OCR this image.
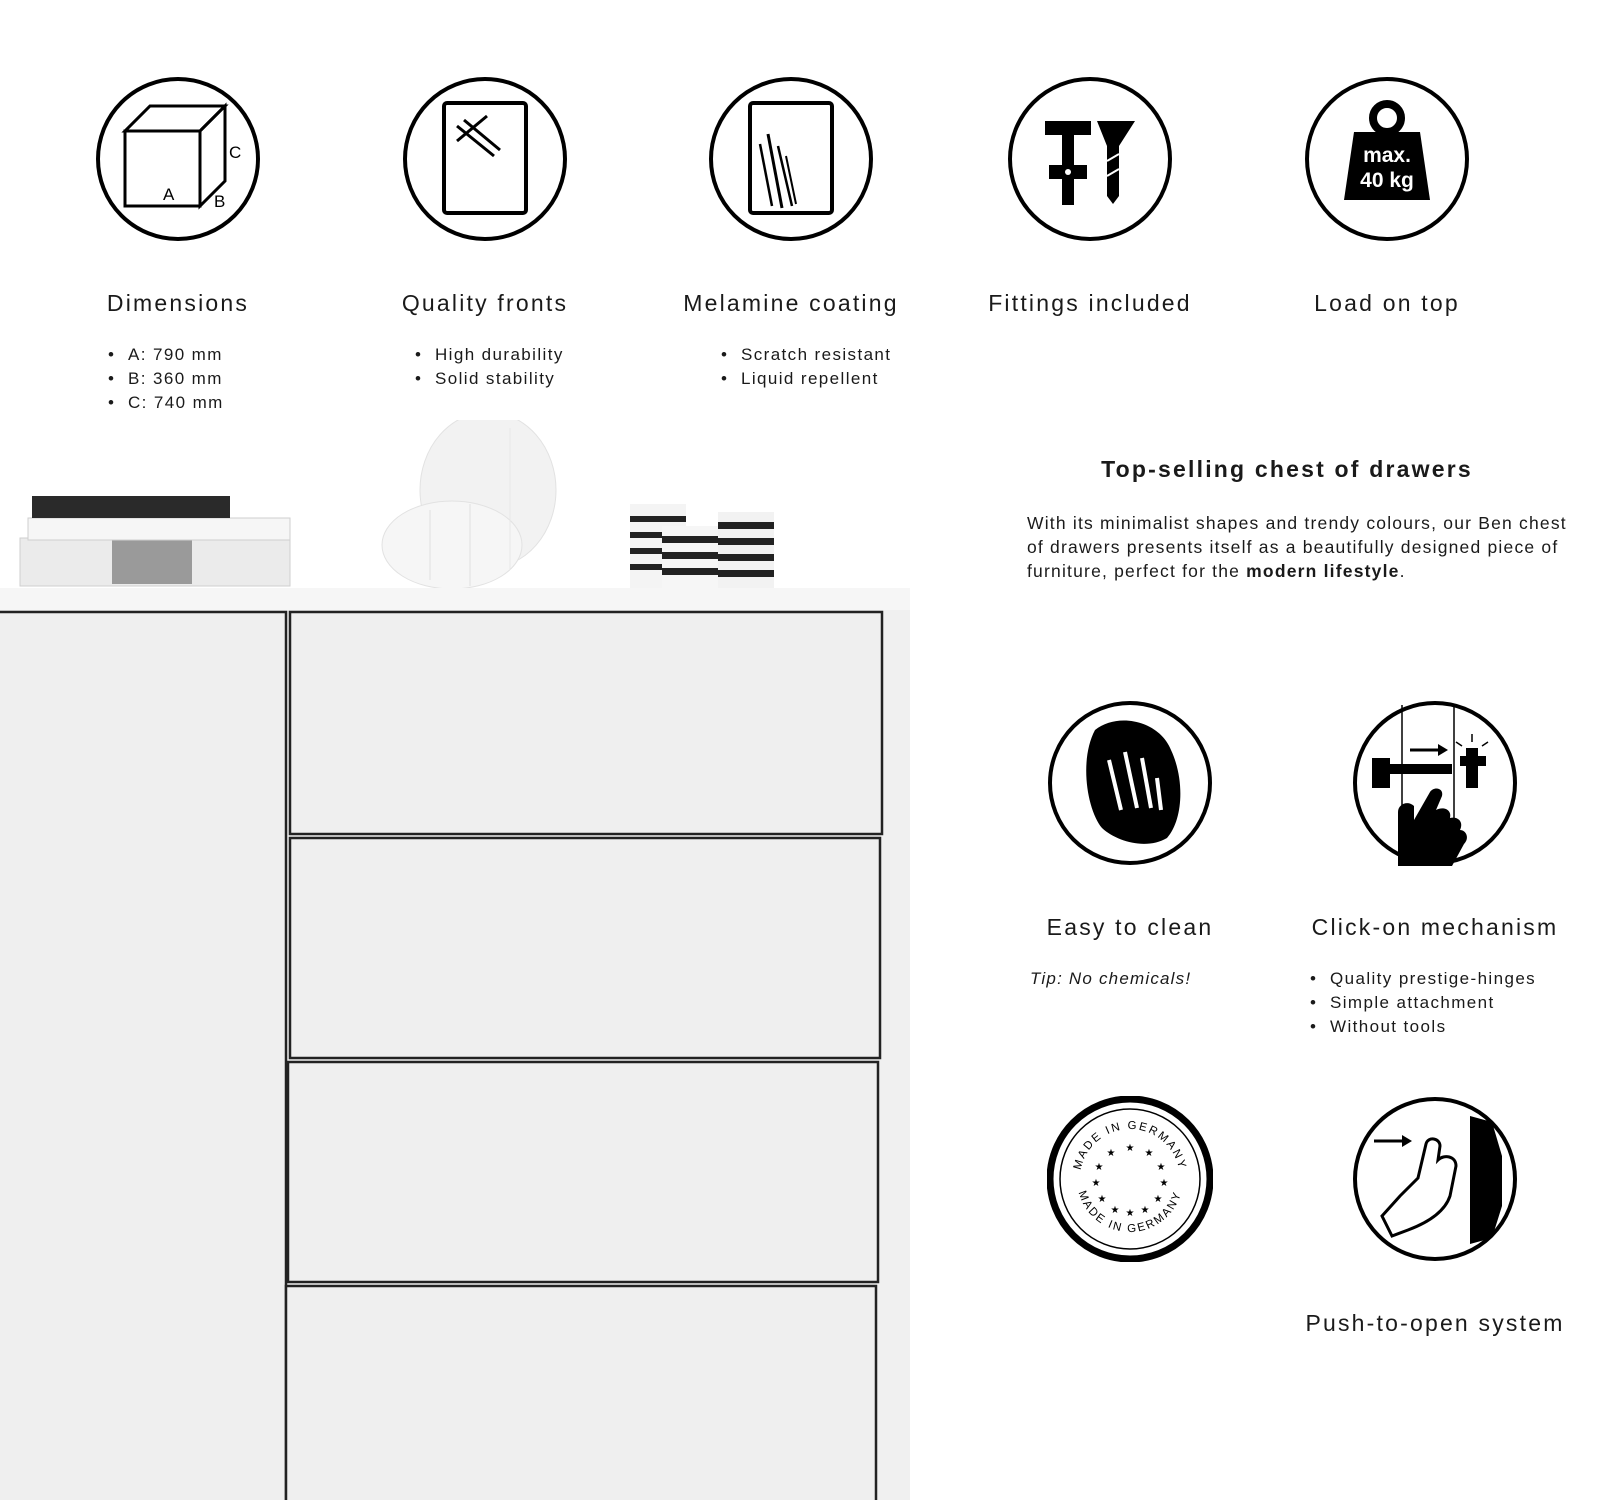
A B
C
Dimensions
• A: 790 mm
• B: 360 mm
• C: 740 mm
Quality fronts
• High durability
• Solid stability
Melamine coating
• Scratch resistant
• Liquid repellent
Fittings included
max.
40 kg
Load on top
Top-selling chest of drawers
With its minimalist shapes and trendy colours, our Ben chest of drawers presents itself as a beautifully designed piece of furniture, perfect for the modern lifestyle.
Easy to clean
Tip: No chemicals!
Click-on mechanism
• Quality prestige-hinges
• Simple attachment
• Without tools
MADE IN GERMANY
MADE IN GERMANY
★ ★
★
★
★
★
★
★
★
★
★
★
Push-to-open system
